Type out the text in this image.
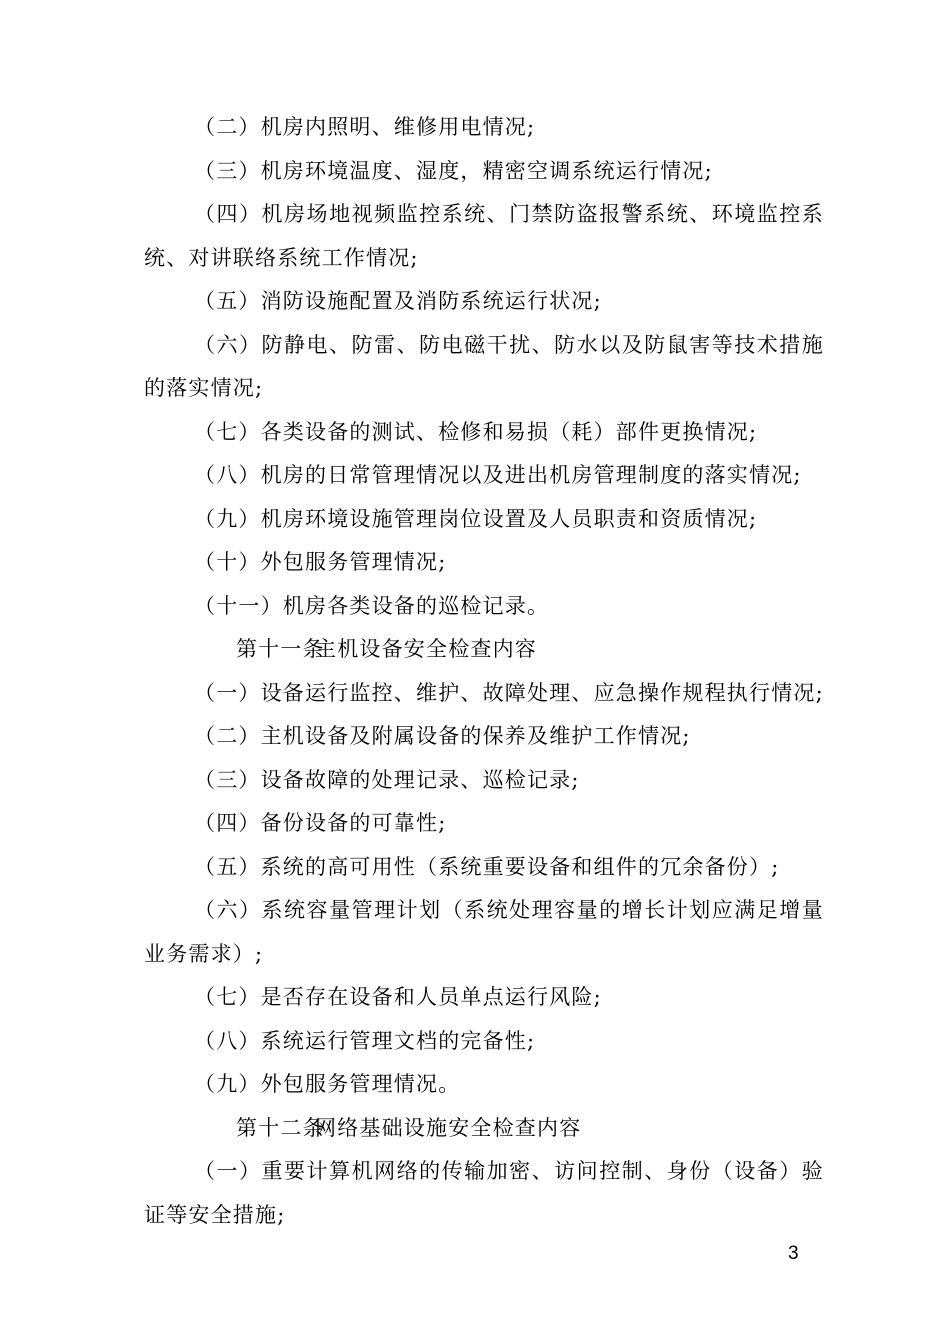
（二）机房内照明、维修用电情况;

（三）机房环境温度、湿度，精密空调系统运行情况;

（四）机房场地视频监控系统、门禁防盗报警系统、环境监控系统、对讲联络系统工作情况;

（五）消防设施配置及消防系统运行状况;

（六）防静电、防雷、防电磁干扰、防水以及防鼠害等技术措施的落实情况;

（七）各类设备的测试、检修和易损（耗）部件更换情况;

（八）机房的日常管理情况以及进出机房管理制度的落实情况;

（九）机房环境设施管理岗位设置及人员职责和资质情况;

（十）外包服务管理情况;

（十一）机房各类设备的巡检记录。

第十一条主机设备安全检查内容

（一）设备运行监控、维护、故障处理、应急操作规程执行情况;

（二）主机设备及附属设备的保养及维护工作情况;

（三）设备故障的处理记录、巡检记录;

（四）备份设备的可靠性;

（五）系统的高可用性（系统重要设备和组件的冗余备份）;

（六）系统容量管理计划（系统处理容量的增长计划应满足增量业务需求）;

（七）是否存在设备和人员单点运行风险;

（八）系统运行管理文档的完备性;

（九）外包服务管理情况。

第十二条网络基础设施安全检查内容

（一）重要计算机网络的传输加密、访问控制、身份（设备）验证等安全措施;

3
